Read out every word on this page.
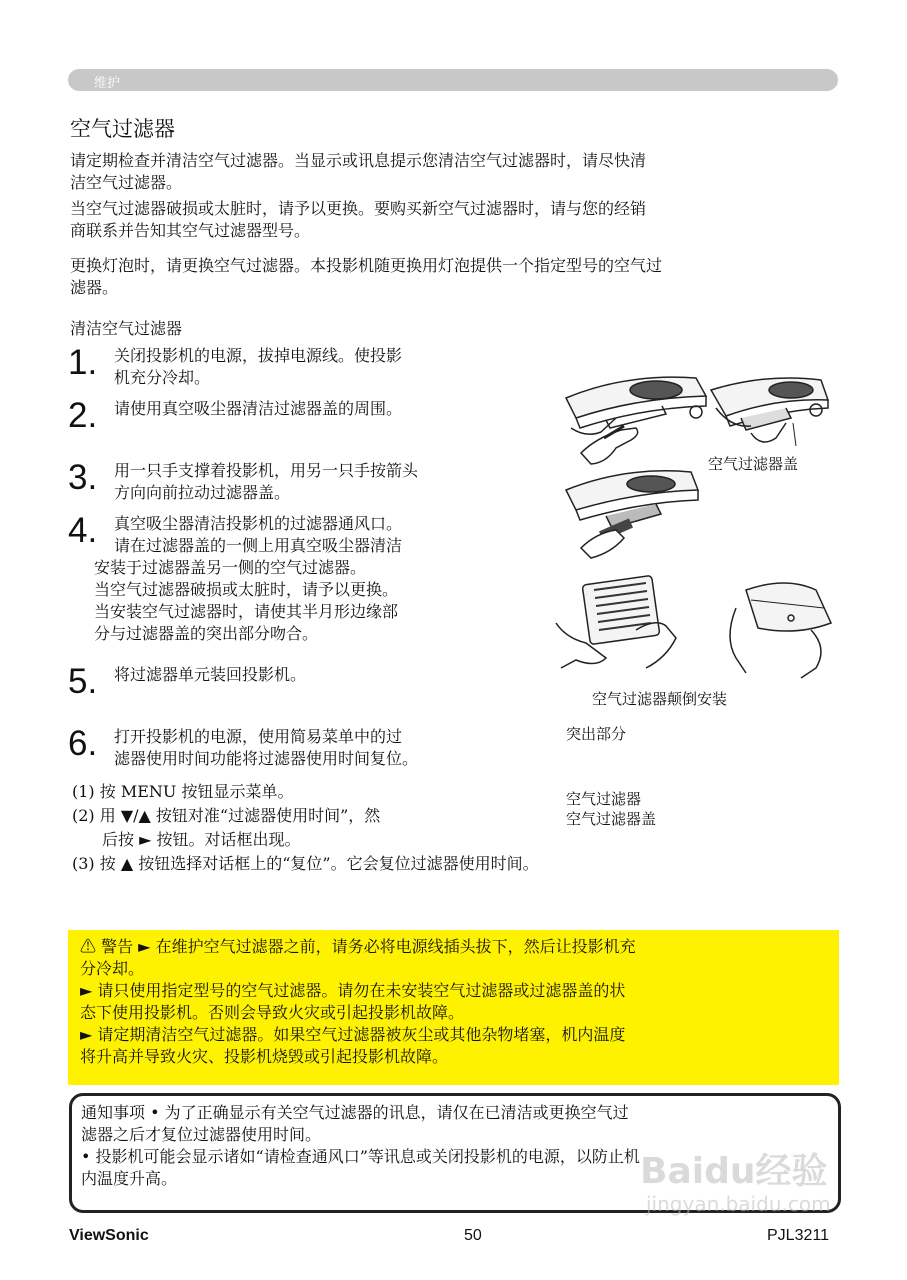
维护
空气过滤器
请定期检查并清洁空气过滤器。当显示或讯息提示您清洁空气过滤器时，请尽快清
洁空气过滤器。
当空气过滤器破损或太脏时，请予以更换。要购买新空气过滤器时，请与您的经销
商联系并告知其空气过滤器型号。
更换灯泡时，请更换空气过滤器。本投影机随更换用灯泡提供一个指定型号的空气过
滤器。
清洁空气过滤器
1. 关闭投影机的电源，拔掉电源线。使投影
机充分冷却。
2. 请使用真空吸尘器清洁过滤器盖的周围。
3. 用一只手支撑着投影机，用另一只手按箭头
方向向前拉动过滤器盖。
4. 真空吸尘器清洁投影机的过滤器通风口。
请在过滤器盖的一侧上用真空吸尘器清洁
安装于过滤器盖另一侧的空气过滤器。
当空气过滤器破损或太脏时，请予以更换。
当安装空气过滤器时，请使其半月形边缘部
分与过滤器盖的突出部分吻合。
5. 将过滤器单元装回投影机。
6. 打开投影机的电源，使用简易菜单中的过
滤器使用时间功能将过滤器使用时间复位。
(1) 按 MENU 按钮显示菜单。
(2) 用 ▼/▲ 按钮对准“过滤器使用时间”，然
后按 ► 按钮。对话框出现。
(3) 按 ▲ 按钮选择对话框上的“复位”。它会复位过滤器使用时间。
空气过滤器盖
空气过滤器颠倒安装
突出部分
空气过滤器
空气过滤器盖
⚠ 警告 ► 在维护空气过滤器之前，请务必将电源线插头拔下，然后让投影机充
分冷却。
► 请只使用指定型号的空气过滤器。请勿在未安装空气过滤器或过滤器盖的状
态下使用投影机。否则会导致火灾或引起投影机故障。
► 请定期清洁空气过滤器。如果空气过滤器被灰尘或其他杂物堵塞，机内温度
将升高并导致火灾、投影机烧毁或引起投影机故障。
通知事项 • 为了正确显示有关空气过滤器的讯息，请仅在已清洁或更换空气过
滤器之后才复位过滤器使用时间。
• 投影机可能会显示诸如“请检查通风口”等讯息或关闭投影机的电源，以防止机
内温度升高。	Baidu经验
jingyan.baidu.com
ViewSonic	50	PJL3211
